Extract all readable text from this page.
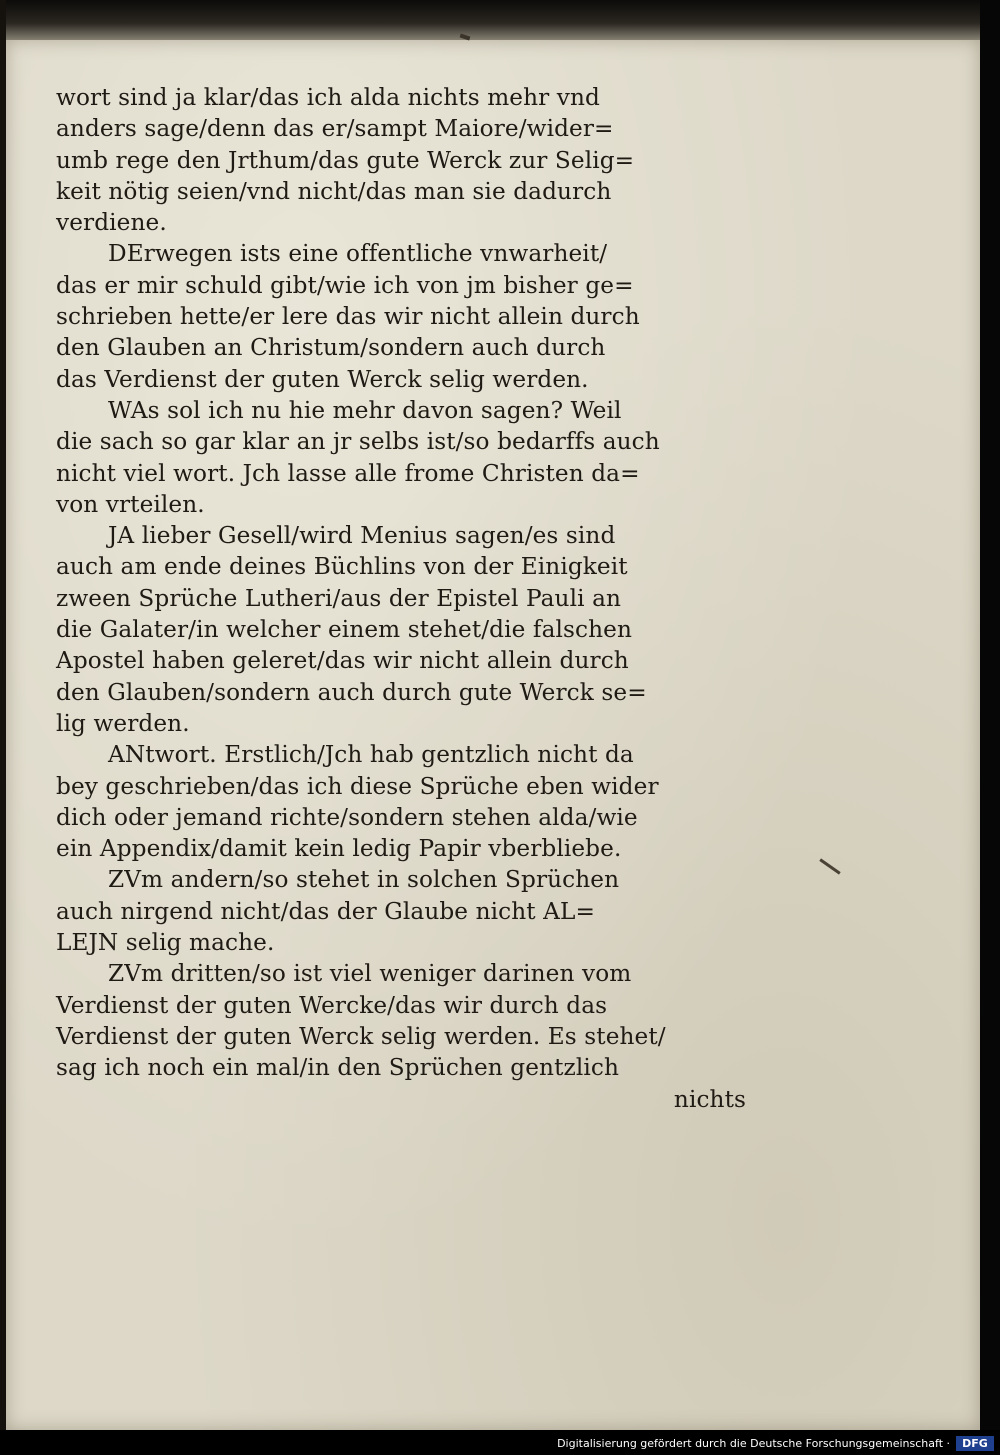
wort sind ja klar/das ich alda nichts mehr vnd
anders sage/denn das er/sampt Maiore/wider=
umb rege den Jrthum/das gute Werck zur Selig=
keit nötig seien/vnd nicht/das man sie dadurch
verdiene.
DErwegen ists eine offentliche vnwarheit/
das er mir schuld gibt/wie ich von jm bisher ge=
schrieben hette/er lere das wir nicht allein durch
den Glauben an Christum/sondern auch durch
das Verdienst der guten Werck selig werden.
WAs sol ich nu hie mehr davon sagen? Weil
die sach so gar klar an jr selbs ist/so bedarffs auch
nicht viel wort. Jch lasse alle frome Christen da=
von vrteilen.
JA lieber Gesell/wird Menius sagen/es sind
auch am ende deines Büchlins von der Einigkeit
zween Sprüche Lutheri/aus der Epistel Pauli an
die Galater/in welcher einem stehet/die falschen
Apostel haben geleret/das wir nicht allein durch
den Glauben/sondern auch durch gute Werck se=
lig werden.
ANtwort. Erstlich/Jch hab gentzlich nicht da
bey geschrieben/das ich diese Sprüche eben wider
dich oder jemand richte/sondern stehen alda/wie
ein Appendix/damit kein ledig Papir vberbliebe.
ZVm andern/so stehet in solchen Sprüchen
auch nirgend nicht/das der Glaube nicht AL=
LEJN selig mache.
ZVm dritten/so ist viel weniger darinen vom
Verdienst der guten Wercke/das wir durch das
Verdienst der guten Werck selig werden. Es stehet/
sag ich noch ein mal/in den Sprüchen gentzlich
nichts
Digitalisierung gefördert durch die Deutsche Forschungsgemeinschaft ·	DFG
